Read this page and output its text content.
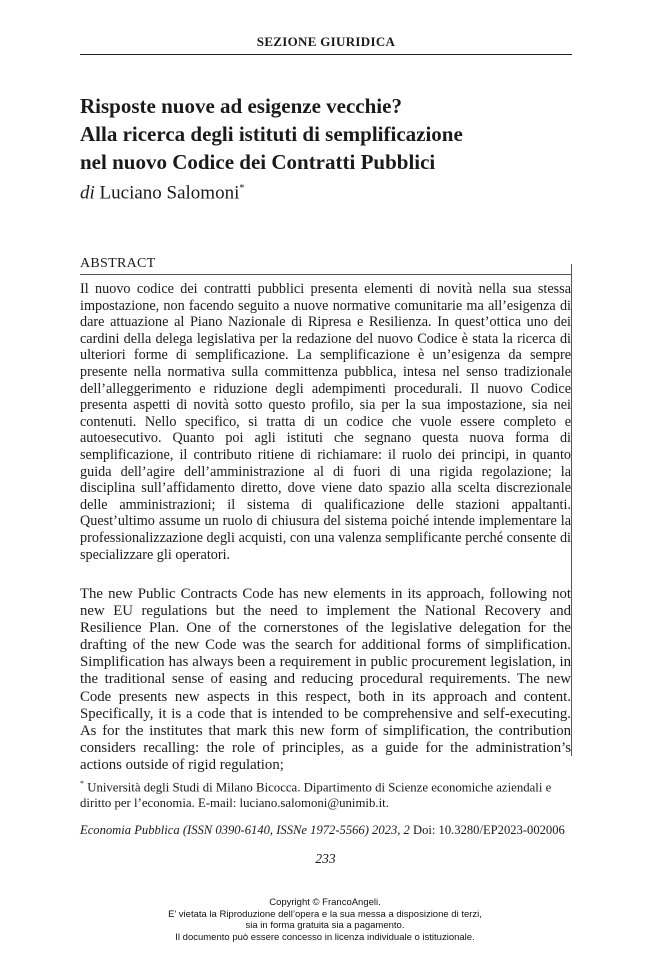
SEZIONE GIURIDICA
Risposte nuove ad esigenze vecchie?
Alla ricerca degli istituti di semplificazione
nel nuovo Codice dei Contratti Pubblici
di Luciano Salomoni*
ABSTRACT

Il nuovo codice dei contratti pubblici presenta elementi di novità nella sua stessa impostazione, non facendo seguito a nuove normative comunitarie ma all’esigenza di dare attuazione al Piano Nazionale di Ripresa e Resilienza. In quest’ottica uno dei cardini della delega legislativa per la redazione del nuovo Codice è stata la ricerca di ulteriori forme di semplificazione. La semplificazione è un’esigenza da sempre presente nella normativa sulla committenza pubblica, intesa nel senso tradizionale dell’alleggerimento e riduzione degli adempimenti procedurali. Il nuovo Codice presenta aspetti di novità sotto questo profilo, sia per la sua impostazione, sia nei contenuti. Nello specifico, si tratta di un codice che vuole essere completo e autoesecutivo. Quanto poi agli istituti che segnano questa nuova forma di semplificazione, il contributo ritiene di richiamare: il ruolo dei principi, in quanto guida dell’agire dell’amministrazione al di fuori di una rigida regolazione; la disciplina sull’affidamento diretto, dove viene dato spazio alla scelta discrezionale delle amministrazioni; il sistema di qualificazione delle stazioni appaltanti. Quest’ultimo assume un ruolo di chiusura del sistema poiché intende implementare la professionalizzazione degli acquisti, con una valenza semplificante perché consente di specializzare gli operatori.

The new Public Contracts Code has new elements in its approach, following not new EU regulations but the need to implement the National Recovery and Resilience Plan. One of the cornerstones of the legislative delegation for the drafting of the new Code was the search for additional forms of simplification. Simplification has always been a requirement in public procurement legislation, in the traditional sense of easing and reducing procedural requirements. The new Code presents new aspects in this respect, both in its approach and content. Specifically, it is a code that is intended to be comprehensive and self-executing. As for the institutes that mark this new form of simplification, the contribution considers recalling: the role of principles, as a guide for the administration’s actions outside of rigid regulation;

* Università degli Studi di Milano Bicocca. Dipartimento di Scienze economiche aziendali e diritto per l’economia. E-mail: luciano.salomoni@unimib.it.

Economia Pubblica (ISSN 0390-6140, ISSNe 1972-5566) 2023, 2 Doi: 10.3280/EP2023-002006
233
Copyright © FrancoAngeli.
E’ vietata la Riproduzione dell’opera e la sua messa a disposizione di terzi,
sia in forma gratuita sia a pagamento.
Il documento può essere concesso in licenza individuale o istituzionale.
